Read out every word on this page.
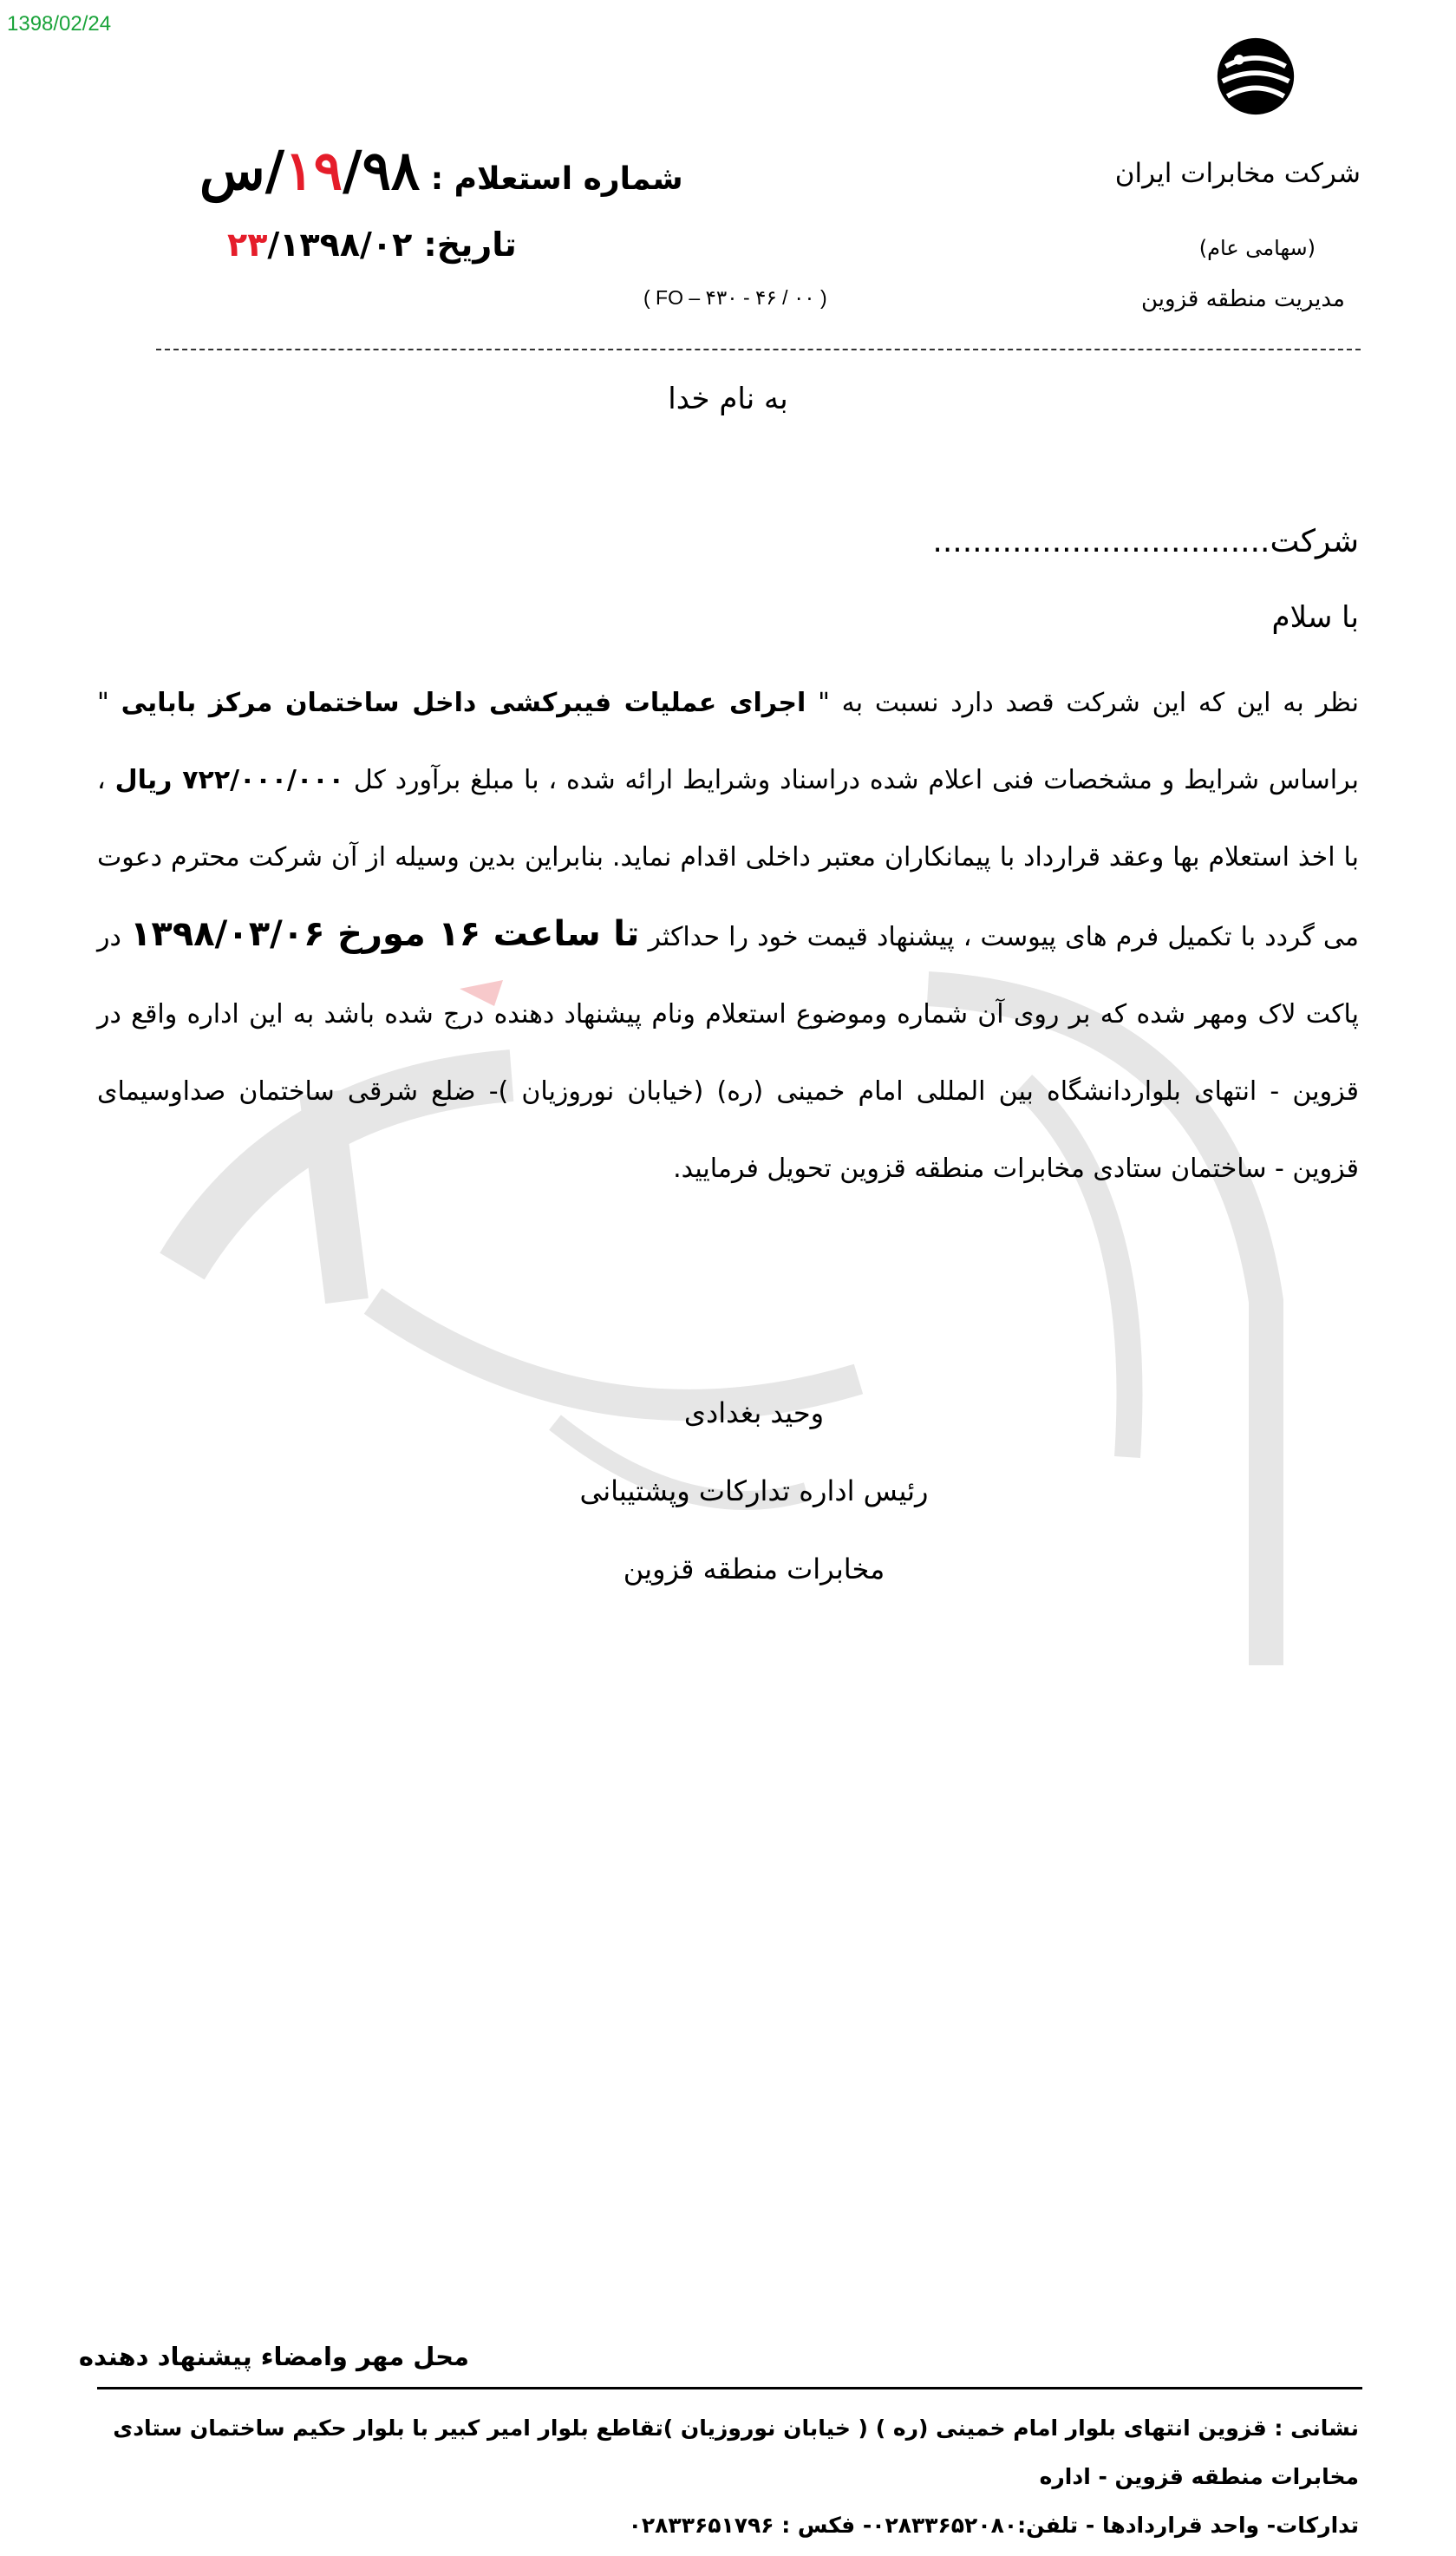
1398/02/24
شرکت مخابرات ایران
(سهامی عام)
مدیریت منطقه قزوین
شماره استعلام : ۱۹/۹۸/س
تاریخ: ۲۳/۱۳۹۸/۰۲
( FO – ۴۳۰ - ۴۶ / ۰۰ )
به نام خدا
شرکت..................................
با سلام
نظر به این که این شرکت قصد دارد نسبت به " اجرای عملیات فیبرکشی داخل ساختمان مرکز بابایی " براساس شرایط و مشخصات فنی اعلام شده دراسناد وشرایط ارائه شده ، با مبلغ برآورد کل ۷۲۲/۰۰۰/۰۰۰ ریال ، با اخذ استعلام بها وعقد قرارداد با پیمانکاران معتبر داخلی اقدام نماید. بنابراین بدین وسیله از آن شرکت محترم دعوت می گردد با تکمیل فرم های پیوست ، پیشنهاد قیمت خود را حداکثر تا ساعت ۱۶ مورخ ۱۳۹۸/۰۳/۰۶ در پاکت لاک ومهر شده که بر روی آن شماره وموضوع استعلام ونام پیشنهاد دهنده درج شده باشد به این اداره واقع در قزوین - انتهای بلواردانشگاه بین المللی امام خمینی (ره) (خیابان نوروزیان )- ضلع شرقی ساختمان صداوسیمای قزوین - ساختمان ستادی مخابرات منطقه قزوین تحویل فرمایید.
وحید بغدادی
رئیس اداره تدارکات وپشتیبانی
مخابرات منطقه قزوین
محل مهر وامضاء پیشنهاد دهنده
نشانی : قزوین انتهای بلوار امام خمینی (ره ) ( خیابان نوروزیان )تقاطع بلوار امیر کبیر با بلوار حکیم ساختمان ستادی مخابرات منطقه قزوین - اداره
تدارکات- واحد قراردادها - تلفن:۰۲۸۳۳۶۵۲۰۸۰- فکس : ۰۲۸۳۳۶۵۱۷۹۶
